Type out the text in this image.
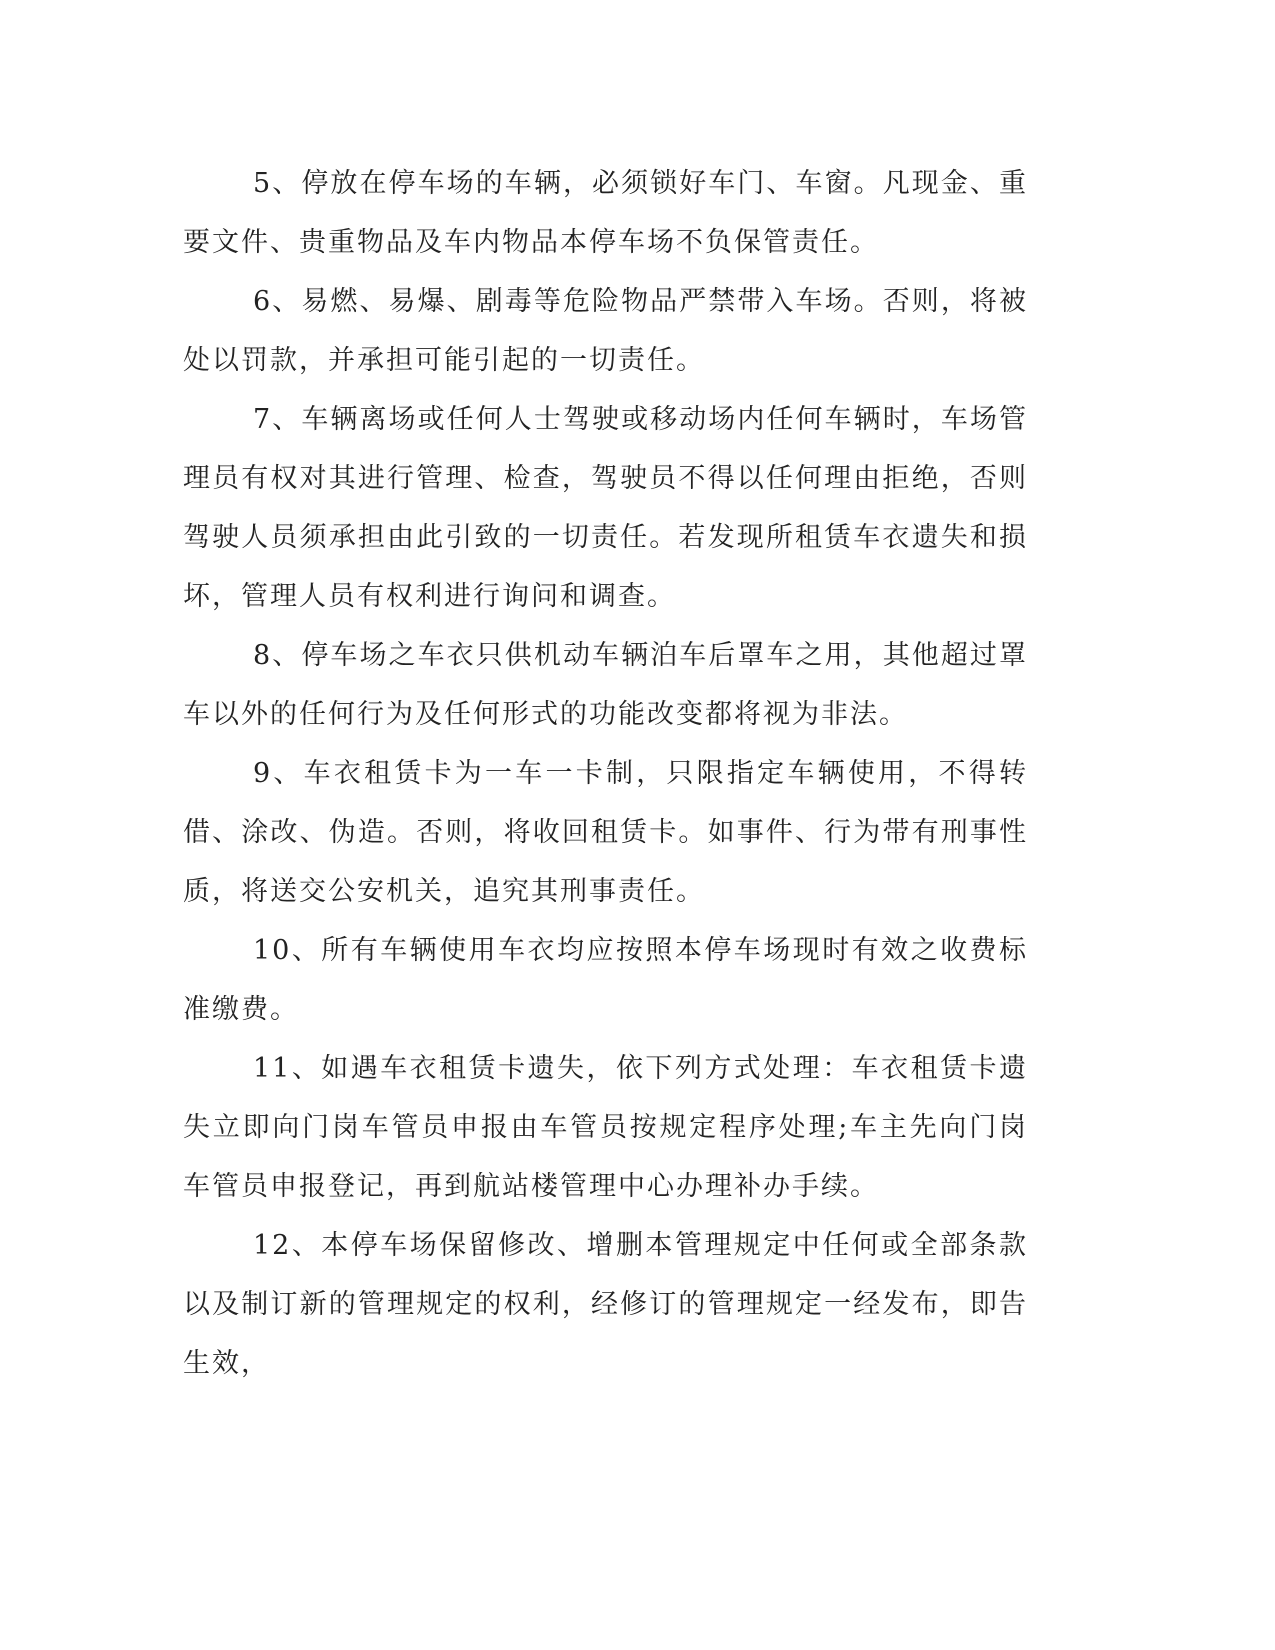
5、停放在停车场的车辆，必须锁好车门、车窗。凡现金、重要文件、贵重物品及车内物品本停车场不负保管责任。

6、易燃、易爆、剧毒等危险物品严禁带入车场。否则，将被处以罚款，并承担可能引起的一切责任。

7、车辆离场或任何人士驾驶或移动场内任何车辆时，车场管理员有权对其进行管理、检查，驾驶员不得以任何理由拒绝，否则驾驶人员须承担由此引致的一切责任。若发现所租赁车衣遗失和损坏，管理人员有权利进行询问和调查。

8、停车场之车衣只供机动车辆泊车后罩车之用，其他超过罩车以外的任何行为及任何形式的功能改变都将视为非法。

9、车衣租赁卡为一车一卡制，只限指定车辆使用，不得转借、涂改、伪造。否则，将收回租赁卡。如事件、行为带有刑事性质，将送交公安机关，追究其刑事责任。

10、所有车辆使用车衣均应按照本停车场现时有效之收费标准缴费。

11、如遇车衣租赁卡遗失，依下列方式处理：车衣租赁卡遗失立即向门岗车管员申报由车管员按规定程序处理;车主先向门岗车管员申报登记，再到航站楼管理中心办理补办手续。

12、本停车场保留修改、增删本管理规定中任何或全部条款以及制订新的管理规定的权利，经修订的管理规定一经发布，即告生效，
